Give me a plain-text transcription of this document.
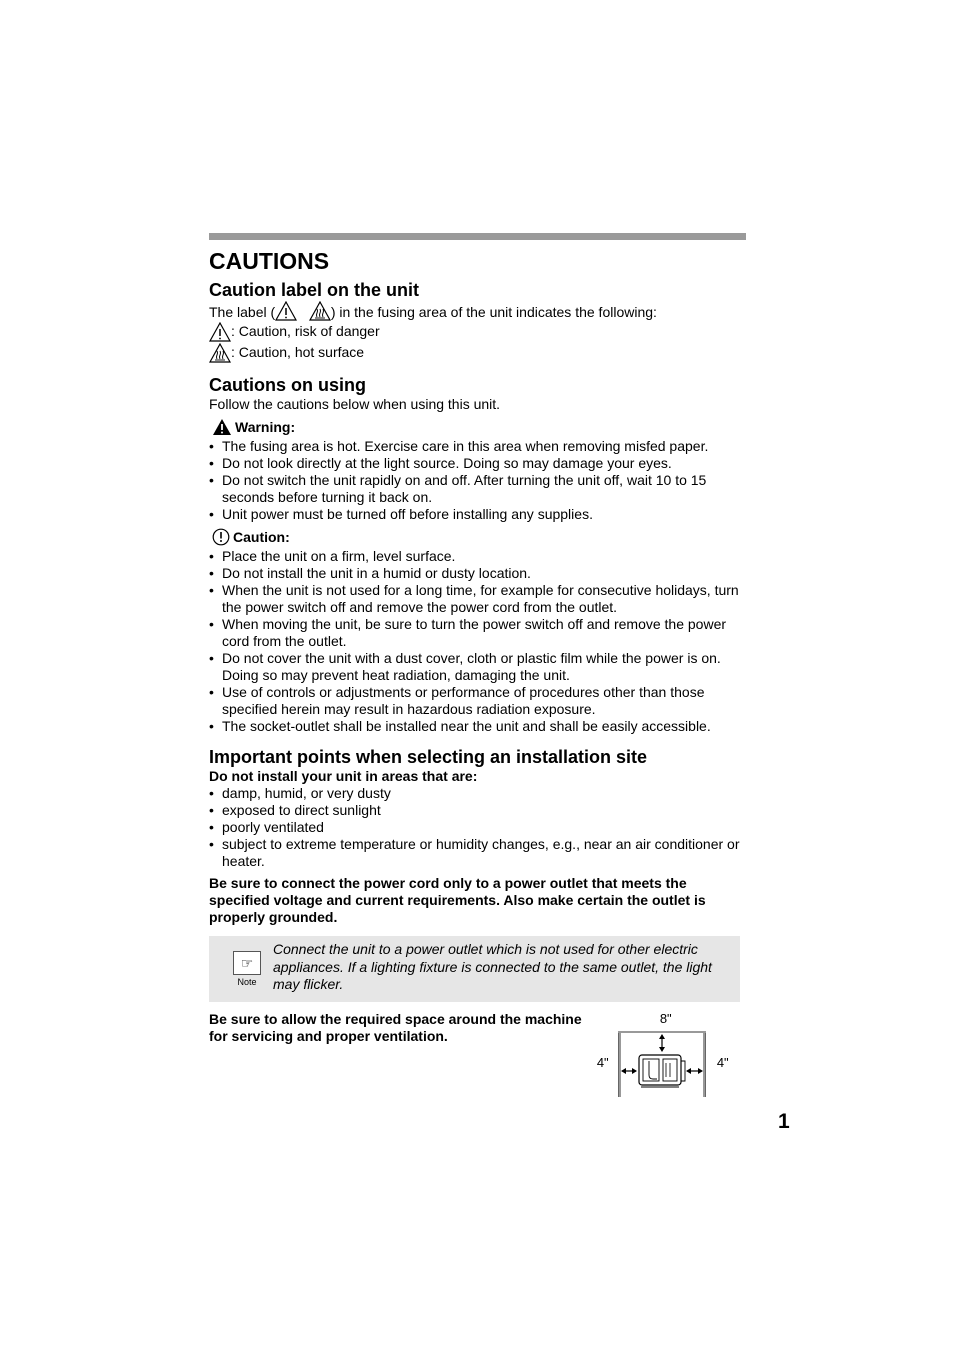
CAUTIONS
Caution label on the unit

The label (	) in the fusing area of the unit indicates the following:

: Caution, risk of danger

: Caution, hot surface

Cautions on using

Follow the cautions below when using this unit.

Warning:
• The fusing area is hot. Exercise care in this area when removing misfed paper.
• Do not look directly at the light source. Doing so may damage your eyes.
• Do not switch the unit rapidly on and off. After turning the unit off, wait 10 to 15 seconds before turning it back on.
• Unit power must be turned off before installing any supplies.
Caution:
• Place the unit on a firm, level surface.
• Do not install the unit in a humid or dusty location.
• When the unit is not used for a long time, for example for consecutive holidays, turn the power switch off and remove the power cord from the outlet.
• When moving the unit, be sure to turn the power switch off and remove the power cord from the outlet.
• Do not cover the unit with a dust cover, cloth or plastic film while the power is on. Doing so may prevent heat radiation, damaging the unit.
• Use of controls or adjustments or performance of procedures other than those specified herein may result in hazardous radiation exposure.
• The socket-outlet shall be installed near the unit and shall be easily accessible.
Important points when selecting an installation site

Do not install your unit in areas that are:

• damp, humid, or very dusty
• exposed to direct sunlight
• poorly ventilated
• subject to extreme temperature or humidity changes, e.g., near an air conditioner or heater.

Be sure to connect the power cord only to a power outlet that meets the specified voltage and current requirements. Also make certain the outlet is properly grounded.

☞
Note
Connect the unit to a power outlet which is not used for other electric appliances. If a lighting fixture is connected to the same outlet, the light may flicker.
Be sure to allow the required space around the machine for servicing and proper ventilation.
8"
4"	4"
1
